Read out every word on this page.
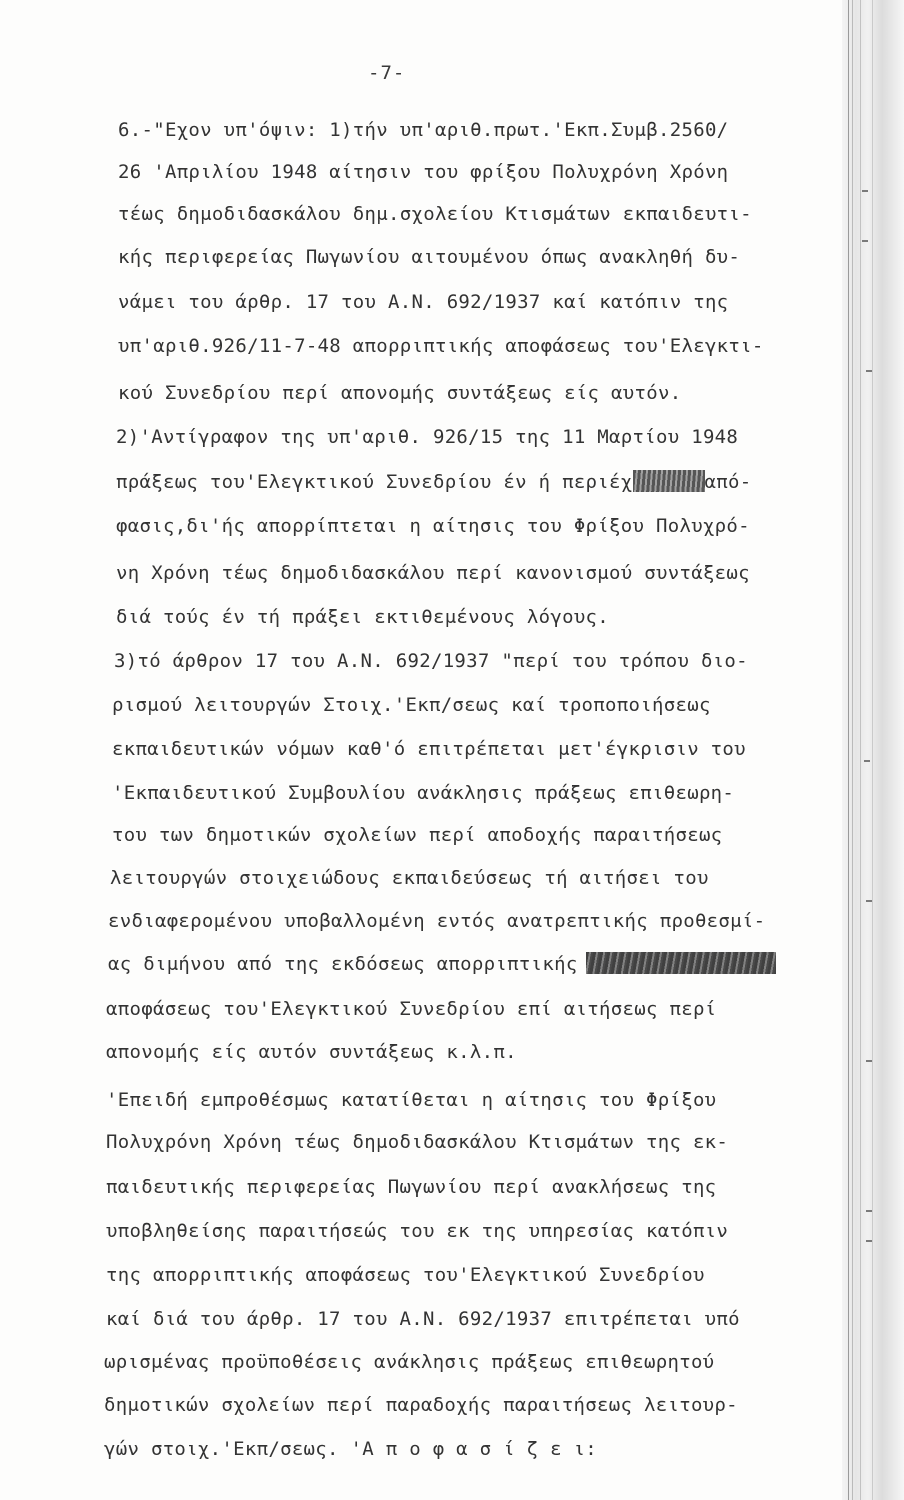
-7-
6.-"Εχον υπ'όψιν: 1)τήν υπ'αριθ.πρωτ.'Εκπ.Συμβ.2560/
26 'Απριλίου 1948 αίτησιν του φρίξου Πολυχρόνη Χρόνη
τέως δημοδιδασκάλου δημ.σχολείου Κτισμάτων εκπαιδευτι-
κής περιφερείας Πωγωνίου αιτουμένου όπως ανακληθή δυ-
νάμει του άρθρ. 17 του Α.Ν. 692/1937 καί κατόπιν της
υπ'αριθ.926/11-7-48 απορριπτικής αποφάσεως του'Ελεγκτι-
κού Συνεδρίου περί απονομής συντάξεως είς αυτόν.
2)'Αντίγραφον της υπ'αριθ. 926/15 της 11 Μαρτίου 1948
πράξεως του'Ελεγκτικού Συνεδρίου έν ή περιέχ	από-
φασις,δι'ής απορρίπτεται η αίτησις του Φρίξου Πολυχρό-
νη Χρόνη τέως δημοδιδασκάλου περί κανονισμού συντάξεως
διά τούς έν τή πράξει εκτιθεμένους λόγους.
3)τό άρθρον 17 του Α.Ν. 692/1937 "περί του τρόπου διο-
ρισμού λειτουργών Στοιχ.'Εκπ/σεως καί τροποποιήσεως
εκπαιδευτικών νόμων καθ'ό επιτρέπεται μετ'έγκρισιν του
'Εκπαιδευτικού Συμβουλίου ανάκλησις πράξεως επιθεωρη-
του των δημοτικών σχολείων περί αποδοχής παραιτήσεως
λειτουργών στοιχειώδους εκπαιδεύσεως τή αιτήσει του
ενδιαφερομένου υποβαλλομένη εντός ανατρεπτικής προθεσμί-
ας διμήνου από της εκδόσεως απορριπτικής
αποφάσεως του'Ελεγκτικού Συνεδρίου επί αιτήσεως περί
απονομής είς αυτόν συντάξεως κ.λ.π.
'Επειδή εμπροθέσμως κατατίθεται η αίτησις του Φρίξου
Πολυχρόνη Χρόνη τέως δημοδιδασκάλου Κτισμάτων της εκ-
παιδευτικής περιφερείας Πωγωνίου περί ανακλήσεως της
υποβληθείσης παραιτήσεώς του εκ της υπηρεσίας κατόπιν
της απορριπτικής αποφάσεως του'Ελεγκτικού Συνεδρίου
καί διά του άρθρ. 17 του Α.Ν. 692/1937 επιτρέπεται υπό
ωρισμένας προϋποθέσεις ανάκλησις πράξεως επιθεωρητού
δημοτικών σχολείων περί παραδοχής παραιτήσεως λειτουρ-
γών στοιχ.'Εκπ/σεως. 'Α π ο φ α σ ί ζ ε ι:
